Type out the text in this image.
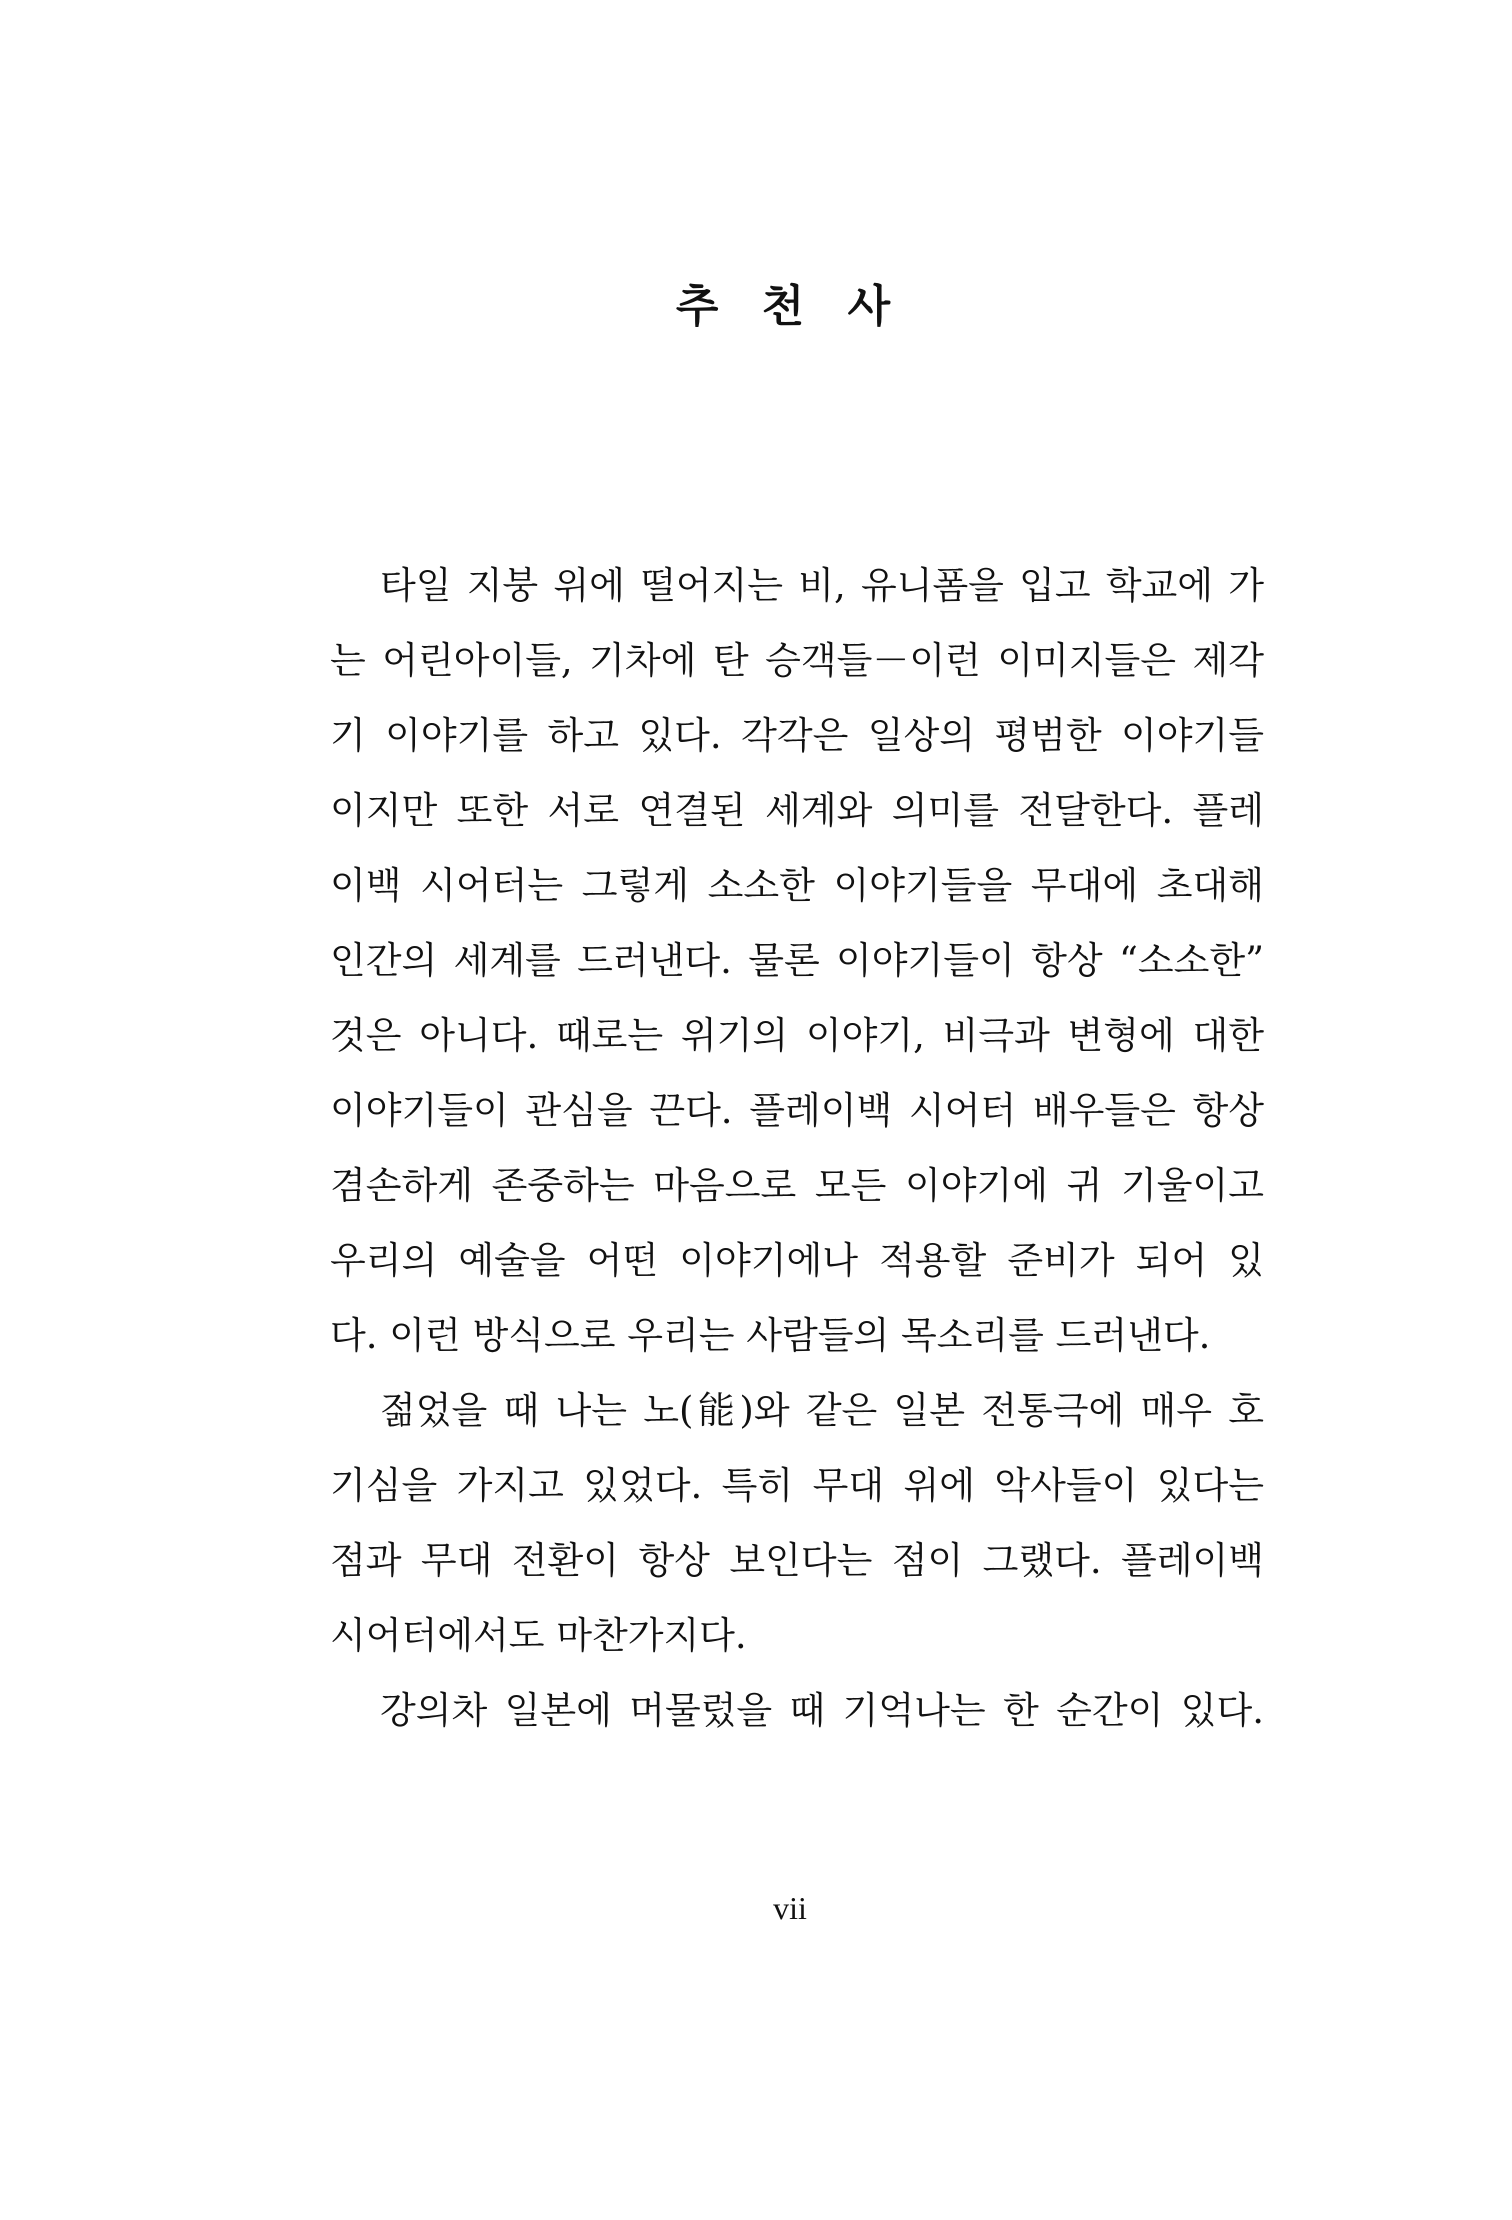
추 천 사
타일 지붕 위에 떨어지는 비, 유니폼을 입고 학교에 가
는 어린아이들, 기차에 탄 승객들－이런 이미지들은 제각
기 이야기를 하고 있다. 각각은 일상의 평범한 이야기들
이지만 또한 서로 연결된 세계와 의미를 전달한다. 플레
이백 시어터는 그렇게 소소한 이야기들을 무대에 초대해
인간의 세계를 드러낸다. 물론 이야기들이 항상 “소소한”
것은 아니다. 때로는 위기의 이야기, 비극과 변형에 대한
이야기들이 관심을 끈다. 플레이백 시어터 배우들은 항상
겸손하게 존중하는 마음으로 모든 이야기에 귀 기울이고
우리의 예술을 어떤 이야기에나 적용할 준비가 되어 있
다. 이런 방식으로 우리는 사람들의 목소리를 드러낸다.
젊었을 때 나는 노(能)와 같은 일본 전통극에 매우 호
기심을 가지고 있었다. 특히 무대 위에 악사들이 있다는
점과 무대 전환이 항상 보인다는 점이 그랬다. 플레이백
시어터에서도 마찬가지다.
강의차 일본에 머물렀을 때 기억나는 한 순간이 있다.
vii
